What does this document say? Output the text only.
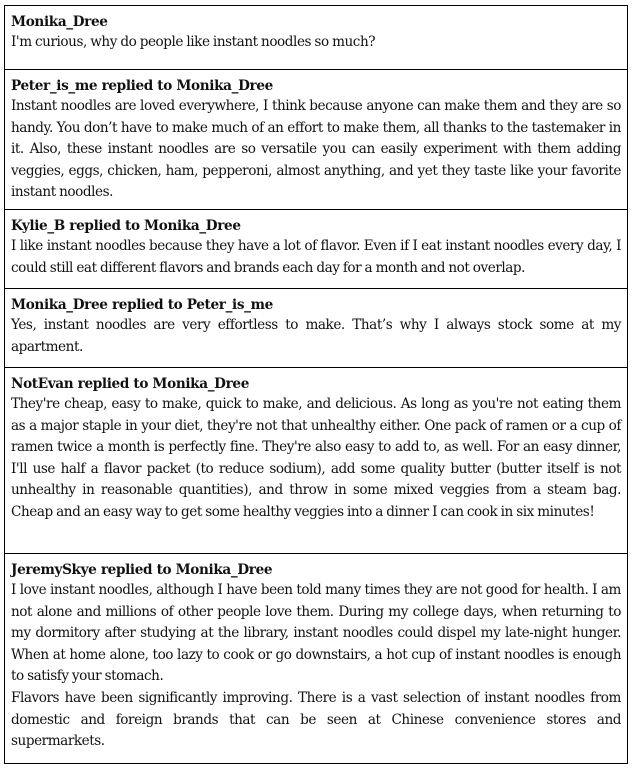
Monika_Dree

I'm curious, why do people like instant noodles so much?

Peter_is_me replied to Monika_Dree

Instant noodles are loved everywhere, I think because anyone can make them and they are so handy. You don’t have to make much of an effort to make them, all thanks to the tastemaker in it. Also, these instant noodles are so versatile you can easily experiment with them adding veggies, eggs, chicken, ham, pepperoni, almost anything, and yet they taste like your favorite instant noodles.

Kylie_B replied to Monika_Dree

I like instant noodles because they have a lot of flavor. Even if I eat instant noodles every day, I could still eat different flavors and brands each day for a month and not overlap.

Monika_Dree replied to Peter_is_me

Yes, instant noodles are very effortless to make. That’s why I always stock some at my apartment.

NotEvan replied to Monika_Dree

They're cheap, easy to make, quick to make, and delicious. As long as you're not eating them as a major staple in your diet, they're not that unhealthy either. One pack of ramen or a cup of ramen twice a month is perfectly fine. They're also easy to add to, as well. For an easy dinner, I'll use half a flavor packet (to reduce sodium), add some quality butter (butter itself is not unhealthy in reasonable quantities), and throw in some mixed veggies from a steam bag. Cheap and an easy way to get some healthy veggies into a dinner I can cook in six minutes!

JeremySkye replied to Monika_Dree

I love instant noodles, although I have been told many times they are not good for health. I am not alone and millions of other people love them. During my college days, when returning to my dormitory after studying at the library, instant noodles could dispel my late-night hunger. When at home alone, too lazy to cook or go downstairs, a hot cup of instant noodles is enough to satisfy your stomach.

Flavors have been significantly improving. There is a vast selection of instant noodles from domestic and foreign brands that can be seen at Chinese convenience stores and supermarkets.
